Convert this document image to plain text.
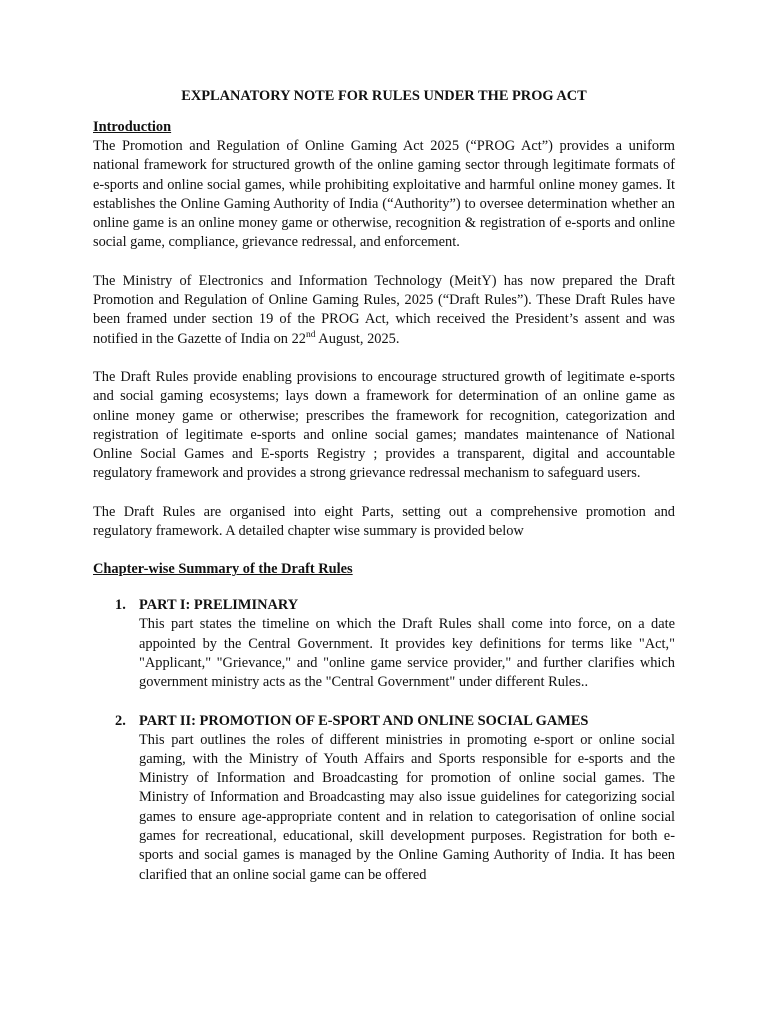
EXPLANATORY NOTE FOR RULES UNDER THE PROG ACT
Introduction

The Promotion and Regulation of Online Gaming Act 2025 (“PROG Act”) provides a uniform national framework for structured growth of the online gaming sector through legitimate formats of e-sports and online social games, while prohibiting exploitative and harmful online money games. It establishes the Online Gaming Authority of India (“Authority”) to oversee determination whether an online game is an online money game or otherwise, recognition & registration of e-sports and online social game, compliance, grievance redressal, and enforcement.

The Ministry of Electronics and Information Technology (MeitY) has now prepared the Draft Promotion and Regulation of Online Gaming Rules, 2025 (“Draft Rules”). These Draft Rules have been framed under section 19 of the PROG Act, which received the President’s assent and was notified in the Gazette of India on 22nd August, 2025.

The Draft Rules provide enabling provisions to encourage structured growth of legitimate e-sports and social gaming ecosystems; lays down a framework for determination of an online game as online money game or otherwise; prescribes the framework for recognition, categorization and registration of legitimate e-sports and online social games; mandates maintenance of National Online Social Games and E-sports Registry ; provides a transparent, digital and accountable regulatory framework and provides a strong grievance redressal mechanism to safeguard users.

The Draft Rules are organised into eight Parts, setting out a comprehensive promotion and regulatory framework. A detailed chapter wise summary is provided below

Chapter-wise Summary of the Draft Rules
1. PART I: PRELIMINARY
This part states the timeline on which the Draft Rules shall come into force, on a date appointed by the Central Government. It provides key definitions for terms like "Act," "Applicant," "Grievance," and "online game service provider," and further clarifies which government ministry acts as the "Central Government" under different Rules..
2. PART II: PROMOTION OF E-SPORT AND ONLINE SOCIAL GAMES
This part outlines the roles of different ministries in promoting e-sport or online social gaming, with the Ministry of Youth Affairs and Sports responsible for e-sports and the Ministry of Information and Broadcasting for promotion of online social games. The Ministry of Information and Broadcasting may also issue guidelines for categorizing social games to ensure age-appropriate content and in relation to categorisation of online social games for recreational, educational, skill development purposes. Registration for both e-sports and social games is managed by the Online Gaming Authority of India. It has been clarified that an online social game can be offered
